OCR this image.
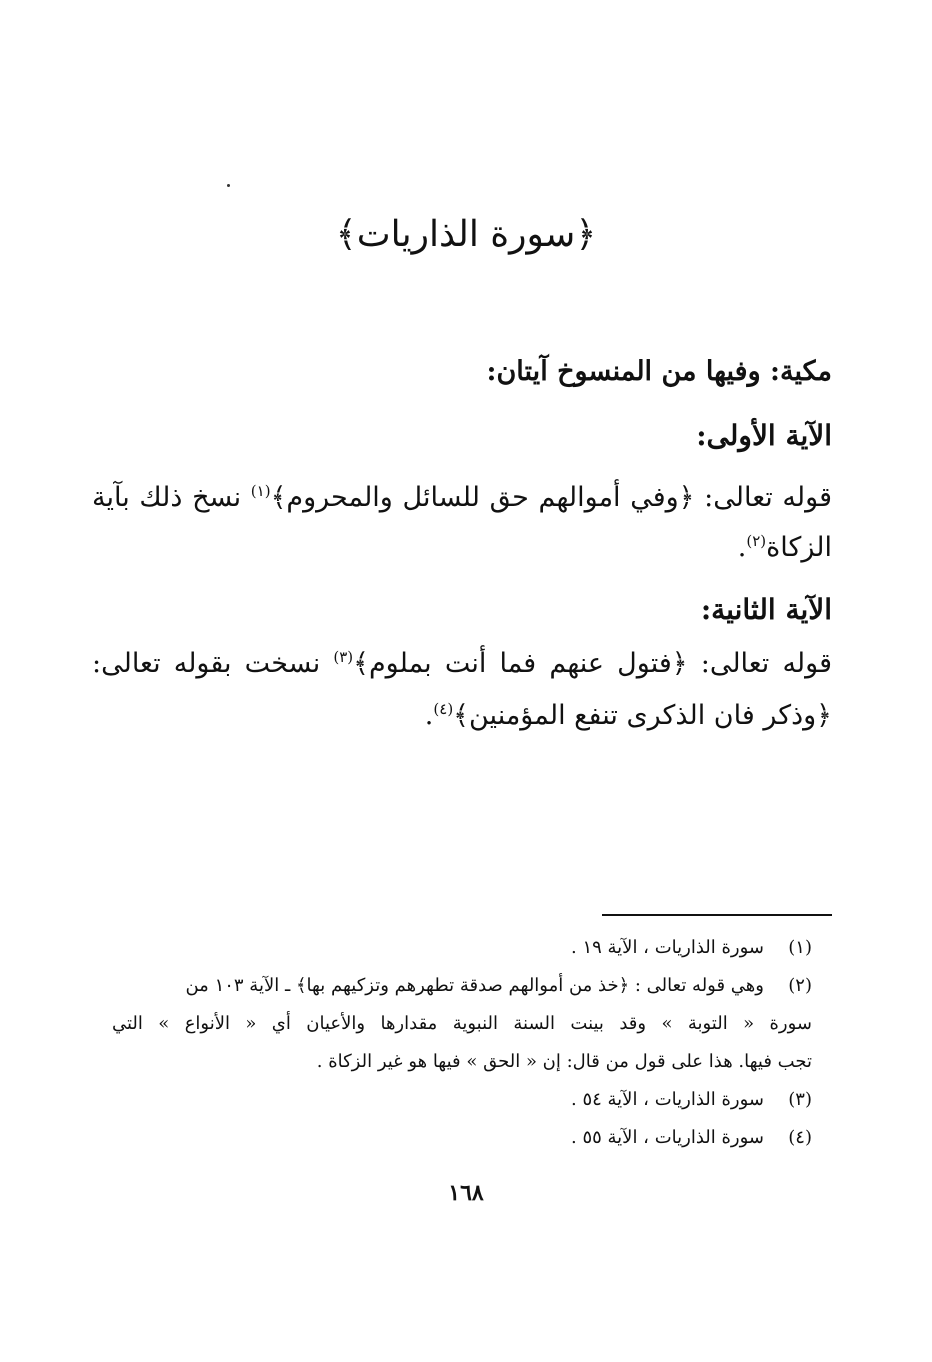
﴿سورة الذاريات﴾
مكية: وفيها من المنسوخ آيتان:
الآية الأولى:
قوله تعالى: ﴿وفي أموالهم حق للسائل والمحروم﴾$^{(١)}$ نسخ ذلك بآية
الزكاة$^{(٢)}$.
الآية الثانية:
قوله تعالى: ﴿فتول عنهم فما أنت بملوم﴾$^{(٣)}$ نسخت بقوله تعالى:
﴿وذكر فان الذكرى تنفع المؤمنين﴾$^{(٤)}$.
(١)سورة الذاريات ، الآية ١٩ .
(٢)وهي قوله تعالى : ﴿خذ من أموالهم صدقة تطهرهم وتزكيهم بها﴾ ـ الآية ١٠٣ من
سورة « التوبة » وقد بينت السنة النبوية مقدارها والأعيان أي « الأنواع » التي
تجب فيها. هذا على قول من قال: إن « الحق » فيها هو غير الزكاة .
(٣)سورة الذاريات ، الآية ٥٤ .
(٤)سورة الذاريات ، الآية ٥٥ .
١٦٨
